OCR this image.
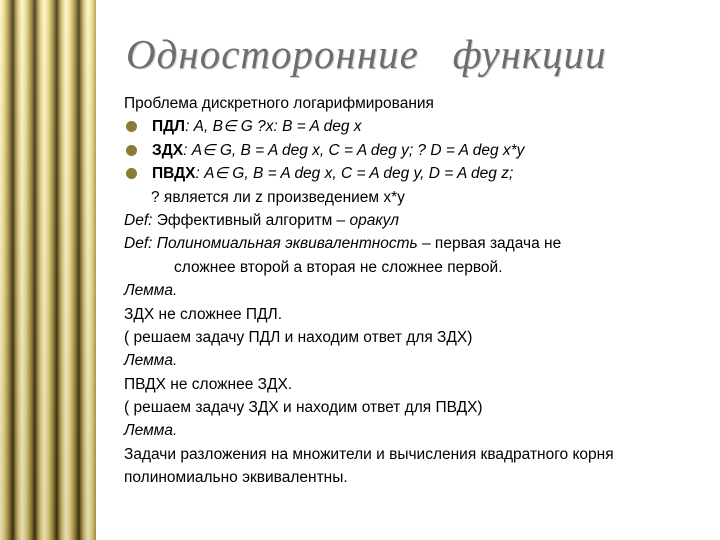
Односторонние   функции
Проблема дискретного логарифмирования
ПДЛ: A, B∈ G ?x: B = A deg x
ЗДХ: A∈ G, B = A deg x, C = A deg y; ? D = A deg x*y
ПВДХ: A∈ G, B = A deg x, C = A deg y, D = A deg z;
? является ли z произведением x*y
Def: Эффективный алгоритм – оракул
Def: Полиномиальная эквивалентность – первая задача не
сложнее второй а вторая не сложнее первой.
Лемма.
ЗДХ не сложнее ПДЛ.
( решаем задачу ПДЛ и находим ответ для ЗДХ)
Лемма.
ПВДХ не сложнее ЗДХ.
( решаем задачу ЗДХ и находим ответ для ПВДХ)
Лемма.
Задачи разложения на множители и вычисления квадратного корня
полиномиально эквивалентны.
